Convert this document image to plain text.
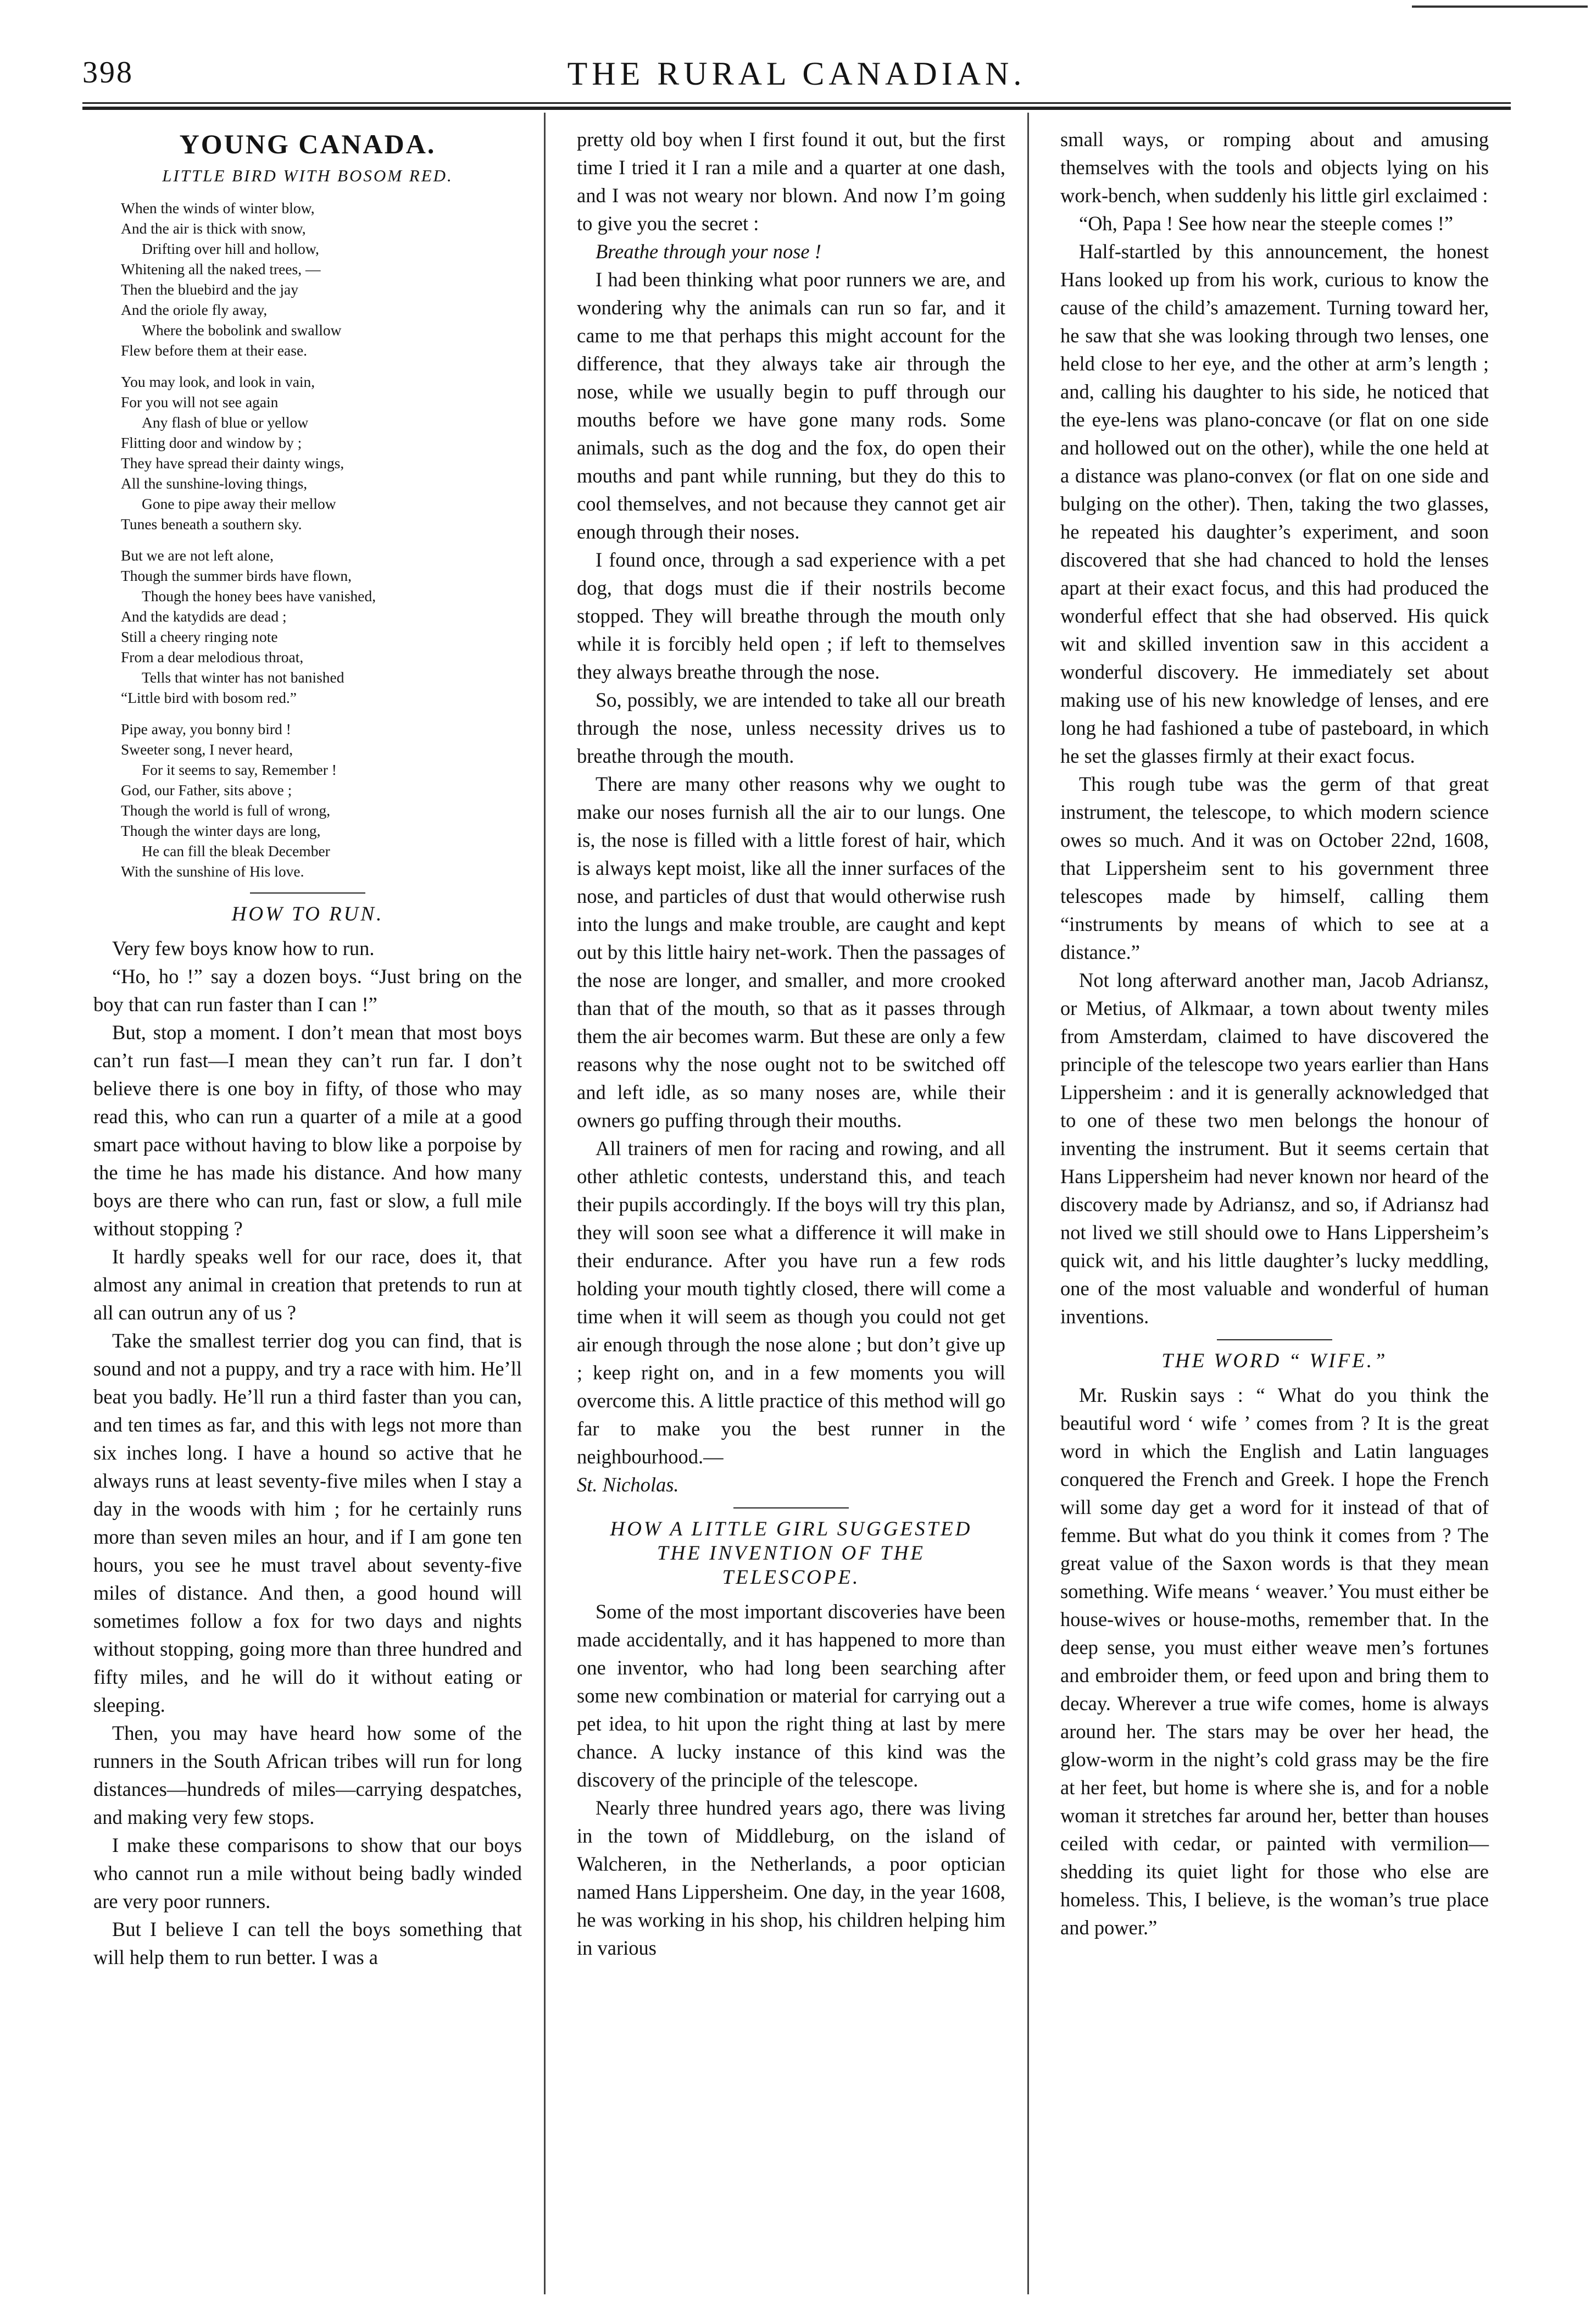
398	THE RURAL CANADIAN.
YOUNG CANADA.
LITTLE BIRD WITH BOSOM RED.
When the winds of winter blow,
And the air is thick with snow,
Drifting over hill and hollow,
Whitening all the naked trees, —
Then the bluebird and the jay
And the oriole fly away,
Where the bobolink and swallow
Flew before them at their ease.
You may look, and look in vain,
For you will not see again
Any flash of blue or yellow
Flitting door and window by ;
They have spread their dainty wings,
All the sunshine-loving things,
Gone to pipe away their mellow
Tunes beneath a southern sky.
But we are not left alone,
Though the summer birds have flown,
Though the honey bees have vanished,
And the katydids are dead ;
Still a cheery ringing note
From a dear melodious throat,
Tells that winter has not banished
“Little bird with bosom red.”
Pipe away, you bonny bird !
Sweeter song, I never heard,
For it seems to say, Remember !
God, our Father, sits above ;
Though the world is full of wrong,
Though the winter days are long,
He can fill the bleak December
With the sunshine of His love.
HOW TO RUN.

Very few boys know how to run.

“Ho, ho !” say a dozen boys. “Just bring on the boy that can run faster than I can !”

But, stop a moment. I don’t mean that most boys can’t run fast—I mean they can’t run far. I don’t believe there is one boy in fifty, of those who may read this, who can run a quarter of a mile at a good smart pace without having to blow like a porpoise by the time he has made his distance. And how many boys are there who can run, fast or slow, a full mile without stopping ?

It hardly speaks well for our race, does it, that almost any animal in creation that pretends to run at all can outrun any of us ?

Take the smallest terrier dog you can find, that is sound and not a puppy, and try a race with him. He’ll beat you badly. He’ll run a third faster than you can, and ten times as far, and this with legs not more than six inches long. I have a hound so active that he always runs at least seventy-five miles when I stay a day in the woods with him ; for he certainly runs more than seven miles an hour, and if I am gone ten hours, you see he must travel about seventy-five miles of distance. And then, a good hound will sometimes follow a fox for two days and nights without stopping, going more than three hundred and fifty miles, and he will do it without eating or sleeping.

Then, you may have heard how some of the runners in the South African tribes will run for long distances—hundreds of miles—carrying despatches, and making very few stops.

I make these comparisons to show that our boys who cannot run a mile without being badly winded are very poor runners.

But I believe I can tell the boys something that will help them to run better. I was a

pretty old boy when I first found it out, but the first time I tried it I ran a mile and a quarter at one dash, and I was not weary nor blown. And now I’m going to give you the secret :

Breathe through your nose !

I had been thinking what poor runners we are, and wondering why the animals can run so far, and it came to me that perhaps this might account for the difference, that they always take air through the nose, while we usually begin to puff through our mouths before we have gone many rods. Some animals, such as the dog and the fox, do open their mouths and pant while running, but they do this to cool themselves, and not because they cannot get air enough through their noses.

I found once, through a sad experience with a pet dog, that dogs must die if their nostrils become stopped. They will breathe through the mouth only while it is forcibly held open ; if left to themselves they always breathe through the nose.

So, possibly, we are intended to take all our breath through the nose, unless necessity drives us to breathe through the mouth.

There are many other reasons why we ought to make our noses furnish all the air to our lungs. One is, the nose is filled with a little forest of hair, which is always kept moist, like all the inner surfaces of the nose, and particles of dust that would otherwise rush into the lungs and make trouble, are caught and kept out by this little hairy net-work. Then the passages of the nose are longer, and smaller, and more crooked than that of the mouth, so that as it passes through them the air becomes warm. But these are only a few reasons why the nose ought not to be switched off and left idle, as so many noses are, while their owners go puffing through their mouths.

All trainers of men for racing and rowing, and all other athletic contests, understand this, and teach their pupils accordingly. If the boys will try this plan, they will soon see what a difference it will make in their endurance. After you have run a few rods holding your mouth tightly closed, there will come a time when it will seem as though you could not get air enough through the nose alone ; but don’t give up ; keep right on, and in a few moments you will overcome this. A little practice of this method will go far to make you the best runner in the neighbourhood.—

St. Nicholas.

HOW A LITTLE GIRL SUGGESTED
THE INVENTION OF THE
TELESCOPE.

Some of the most important discoveries have been made accidentally, and it has happened to more than one inventor, who had long been searching after some new combination or material for carrying out a pet idea, to hit upon the right thing at last by mere chance. A lucky instance of this kind was the discovery of the principle of the telescope.

Nearly three hundred years ago, there was living in the town of Middleburg, on the island of Walcheren, in the Netherlands, a poor optician named Hans Lippersheim. One day, in the year 1608, he was working in his shop, his children helping him in various

small ways, or romping about and amusing themselves with the tools and objects lying on his work-bench, when suddenly his little girl exclaimed :

“Oh, Papa ! See how near the steeple comes !”

Half-startled by this announcement, the honest Hans looked up from his work, curious to know the cause of the child’s amazement. Turning toward her, he saw that she was looking through two lenses, one held close to her eye, and the other at arm’s length ; and, calling his daughter to his side, he noticed that the eye-lens was plano-concave (or flat on one side and hollowed out on the other), while the one held at a distance was plano-convex (or flat on one side and bulging on the other). Then, taking the two glasses, he repeated his daughter’s experiment, and soon discovered that she had chanced to hold the lenses apart at their exact focus, and this had produced the wonderful effect that she had observed. His quick wit and skilled invention saw in this accident a wonderful discovery. He immediately set about making use of his new knowledge of lenses, and ere long he had fashioned a tube of pasteboard, in which he set the glasses firmly at their exact focus.

This rough tube was the germ of that great instrument, the telescope, to which modern science owes so much. And it was on October 22nd, 1608, that Lippersheim sent to his government three telescopes made by himself, calling them “instruments by means of which to see at a distance.”

Not long afterward another man, Jacob Adriansz, or Metius, of Alkmaar, a town about twenty miles from Amsterdam, claimed to have discovered the principle of the telescope two years earlier than Hans Lippersheim : and it is generally acknowledged that to one of these two men belongs the honour of inventing the instrument. But it seems certain that Hans Lippersheim had never known nor heard of the discovery made by Adriansz, and so, if Adriansz had not lived we still should owe to Hans Lippersheim’s quick wit, and his little daughter’s lucky meddling, one of the most valuable and wonderful of human inventions.

THE WORD “ WIFE.”

Mr. Ruskin says : “ What do you think the beautiful word ‘ wife ’ comes from ? It is the great word in which the English and Latin languages conquered the French and Greek. I hope the French will some day get a word for it instead of that of femme. But what do you think it comes from ? The great value of the Saxon words is that they mean something. Wife means ‘ weaver.’ You must either be house-wives or house-moths, remember that. In the deep sense, you must either weave men’s fortunes and embroider them, or feed upon and bring them to decay. Wherever a true wife comes, home is always around her. The stars may be over her head, the glow-worm in the night’s cold grass may be the fire at her feet, but home is where she is, and for a noble woman it stretches far around her, better than houses ceiled with cedar, or painted with vermilion—shedding its quiet light for those who else are homeless. This, I believe, is the woman’s true place and power.”
